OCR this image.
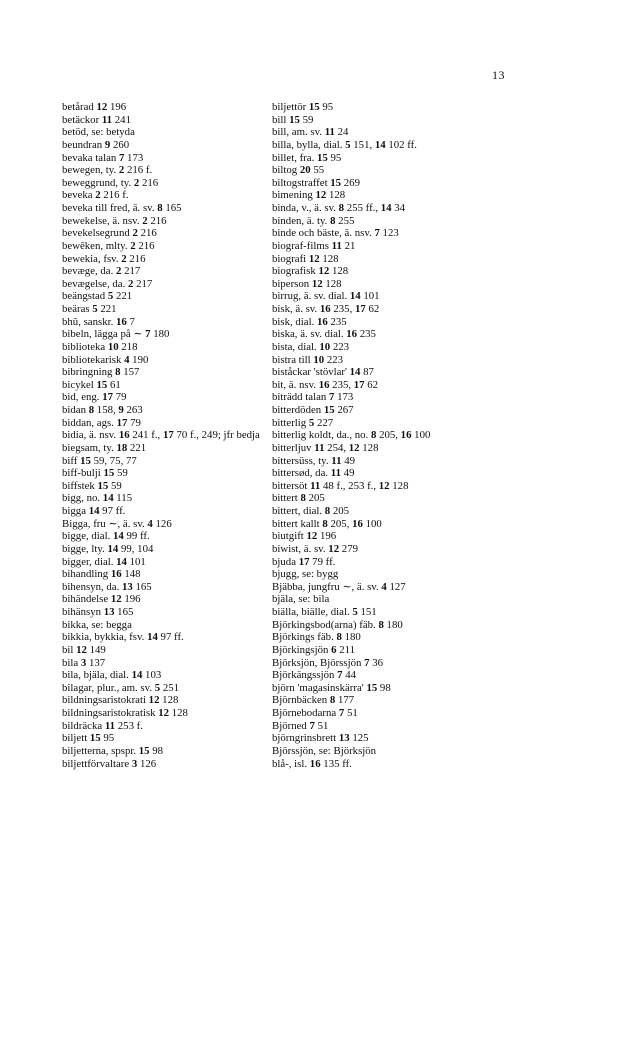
13
betårad 12 196
betäckor 11 241
betöd, se: betyda
beundran 9 260
bevaka talan 7 173
bewegen, ty. 2 216 f.
beweggrund, ty. 2 216
beveka 2 216 f.
beveka till fred, ä. sv. 8 165
bewekelse, ä. nsv. 2 216
bevekelsegrund 2 216
bewêken, mlty. 2 216
bewekia, fsv. 2 216
bevæge, da. 2 217
bevægelse, da. 2 217
beängstad 5 221
beäras 5 221
bhû, sanskr. 16 7
bibeln, lägga på ∼ 7 180
biblioteka 10 218
bibliotekarisk 4 190
bibringning 8 157
bicykel 15 61
bid, eng. 17 79
bidan 8 158, 9 263
biddan, ags. 17 79
bidia, ä. nsv. 16 241 f., 17 70 f., 249; jfr bedja
biegsam, ty. 18 221
biff 15 59, 75, 77
biff-bulji 15 59
biffstek 15 59
bigg, no. 14 115
bigga 14 97 ff.
Bigga, fru ∼, ä. sv. 4 126
bigge, dial. 14 99 ff.
bigge, lty. 14 99, 104
bigger, dial. 14 101
bihandling 16 148
bihensyn, da. 13 165
bihändelse 12 196
bihänsyn 13 165
bikka, se: begga
bikkia, bykkia, fsv. 14 97 ff.
bil 12 149
bila 3 137
bila, bjäla, dial. 14 103
bilagar, plur., am. sv. 5 251
bildningsaristokrati 12 128
bildningsaristokratisk 12 128
bildräcka 11 253 f.
biljett 15 95
biljetterna, spspr. 15 98
biljettförvaltare 3 126
biljettör 15 95
bill 15 59
bill, am. sv. 11 24
billa, bylla, dial. 5 151, 14 102 ff.
billet, fra. 15 95
biltog 20 55
biltogstraffet 15 269
bimening 12 128
binda, v., ä. sv. 8 255 ff., 14 34
binden, ä. ty. 8 255
binde och bäste, ä. nsv. 7 123
biograf-films 11 21
biografi 12 128
biografisk 12 128
biperson 12 128
birrug, ä. sv. dial. 14 101
bisk, ä. sv. 16 235, 17 62
bisk, dial. 16 235
biska, ä. sv. dial. 16 235
bista, dial. 10 223
bistra till 10 223
biståckar 'stövlar' 14 87
bit, ä. nsv. 16 235, 17 62
biträdd talan 7 173
bitterdöden 15 267
bitterlig 5 227
bitterlig koldt, da., no. 8 205, 16 100
bitterljuv 11 254, 12 128
bittersüss, ty. 11 49
bittersød, da. 11 49
bittersöt 11 48 f., 253 f., 12 128
bittert 8 205
bittert, dial. 8 205
bittert kallt 8 205, 16 100
biutgift 12 196
biwist, ä. sv. 12 279
bjuda 17 79 ff.
bjugg, se: bygg
Bjäbba, jungfru ∼, ä. sv. 4 127
bjäla, se: bila
biälla, biälle, dial. 5 151
Björkingsbod(arna) fäb. 8 180
Björkings fäb. 8 180
Björkingsjön 6 211
Björksjön, Björssjön 7 36
Björkängssjön 7 44
björn 'magasinskärra' 15 98
Björnbäcken 8 177
Björnebodarna 7 51
Björned 7 51
björngrinsbrett 13 125
Björssjön, se: Björksjön
blå-, isl. 16 135 ff.
